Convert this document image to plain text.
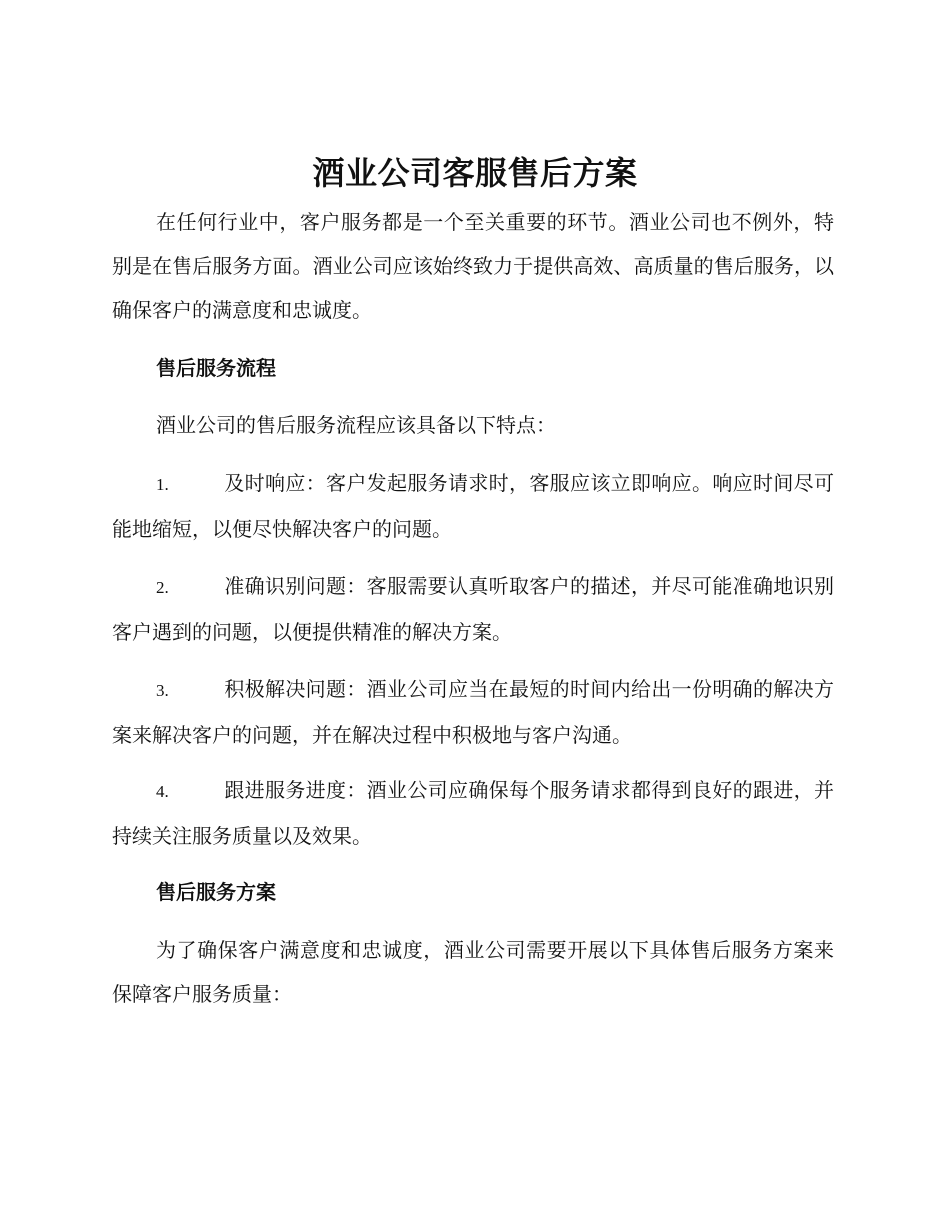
酒业公司客服售后方案

在任何行业中，客户服务都是一个至关重要的环节。酒业公司也不例外，特别是在售后服务方面。酒业公司应该始终致力于提供高效、高质量的售后服务，以确保客户的满意度和忠诚度。

售后服务流程

酒业公司的售后服务流程应该具备以下特点：

1.	及时响应：客户发起服务请求时，客服应该立即响应。响应时间尽可能地缩短，以便尽快解决客户的问题。
2.	准确识别问题：客服需要认真听取客户的描述，并尽可能准确地识别客户遇到的问题，以便提供精准的解决方案。
3.	积极解决问题：酒业公司应当在最短的时间内给出一份明确的解决方案来解决客户的问题，并在解决过程中积极地与客户沟通。
4.	跟进服务进度：酒业公司应确保每个服务请求都得到良好的跟进，并持续关注服务质量以及效果。
售后服务方案

为了确保客户满意度和忠诚度，酒业公司需要开展以下具体售后服务方案来保障客户服务质量：
